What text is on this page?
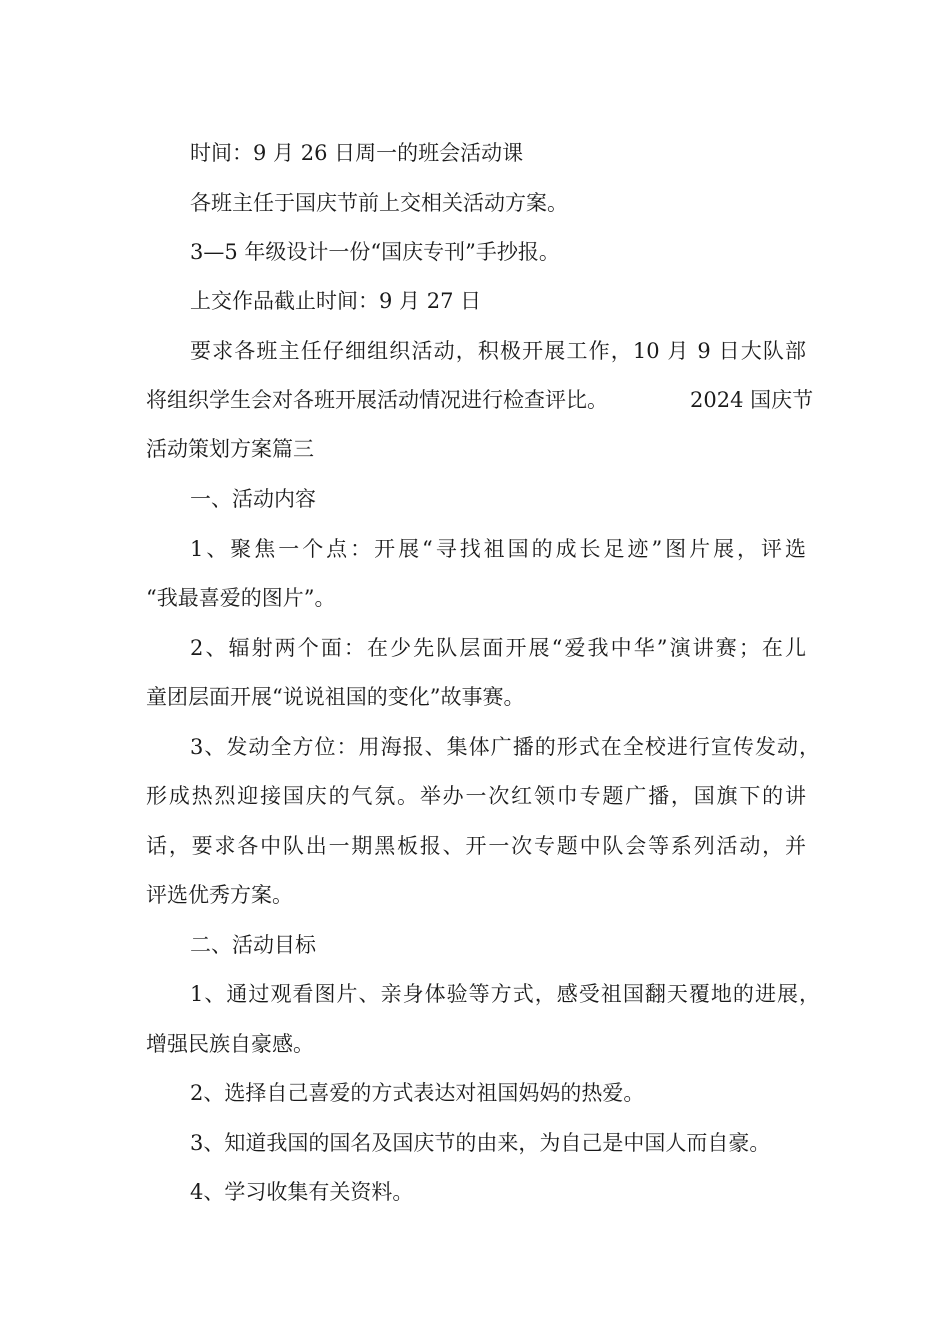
时间：9 月 26 日周一的班会活动课
各班主任于国庆节前上交相关活动方案。
3—5 年级设计一份“国庆专刊”手抄报。
上交作品截止时间：9 月 27 日
要求各班主任仔细组织活动，积极开展工作，10 月 9 日大队部
将组织学生会对各班开展活动情况进行检查评比。	2024 国庆节
活动策划方案篇三
一、活动内容
1、聚焦一个点：开展“寻找祖国的成长足迹”图片展，评选
“我最喜爱的图片”。
2、辐射两个面：在少先队层面开展“爱我中华”演讲赛；在儿
童团层面开展“说说祖国的变化”故事赛。
3、发动全方位：用海报、集体广播的形式在全校进行宣传发动，
形成热烈迎接国庆的气氛。举办一次红领巾专题广播，国旗下的讲
话，要求各中队出一期黑板报、开一次专题中队会等系列活动，并
评选优秀方案。
二、活动目标
1、通过观看图片、亲身体验等方式，感受祖国翻天覆地的进展，
增强民族自豪感。
2、选择自己喜爱的方式表达对祖国妈妈的热爱。
3、知道我国的国名及国庆节的由来，为自己是中国人而自豪。
4、学习收集有关资料。
